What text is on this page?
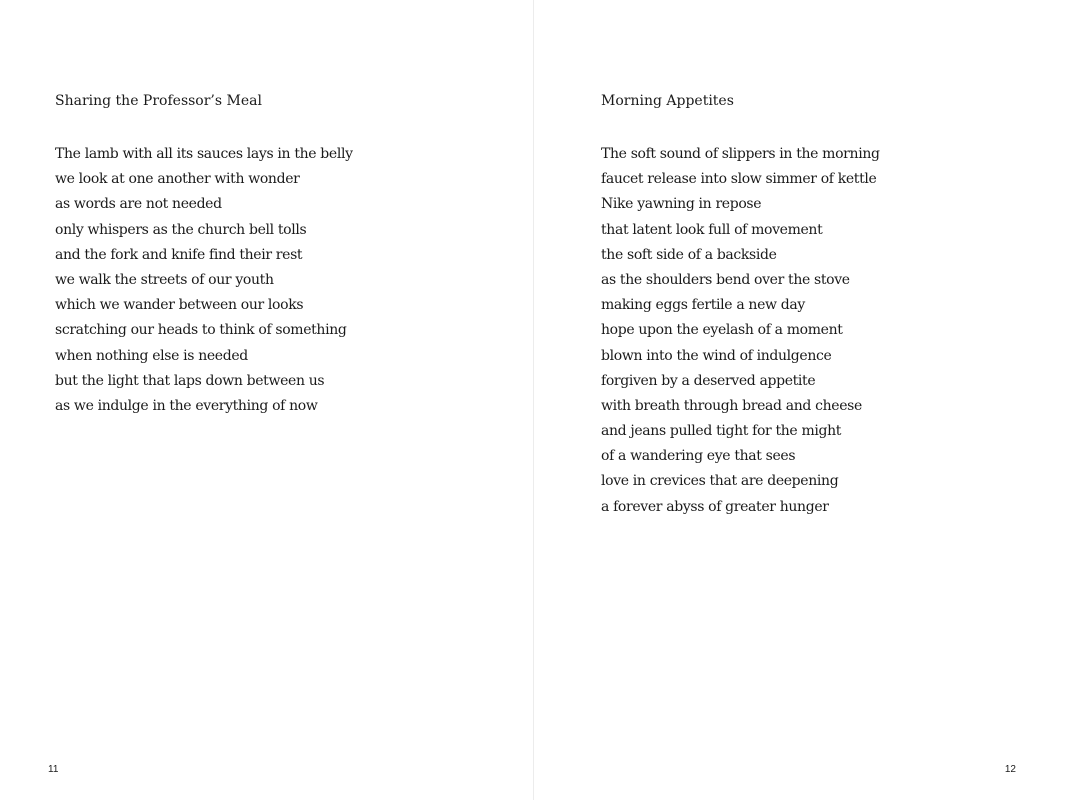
Sharing the Professor’s Meal
The lamb with all its sauces lays in the belly
we look at one another with wonder
as words are not needed
only whispers as the church bell tolls
and the fork and knife find their rest
we walk the streets of our youth
which we wander between our looks
scratching our heads to think of something
when nothing else is needed
but the light that laps down between us
as we indulge in the everything of now
11
Morning Appetites
The soft sound of slippers in the morning
faucet release into slow simmer of kettle
Nike yawning in repose
that latent look full of movement
the soft side of a backside
as the shoulders bend over the stove
making eggs fertile a new day
hope upon the eyelash of a moment
blown into the wind of indulgence
forgiven by a deserved appetite
with breath through bread and cheese
and jeans pulled tight for the might
of a wandering eye that sees
love in crevices that are deepening
a forever abyss of greater hunger
12
